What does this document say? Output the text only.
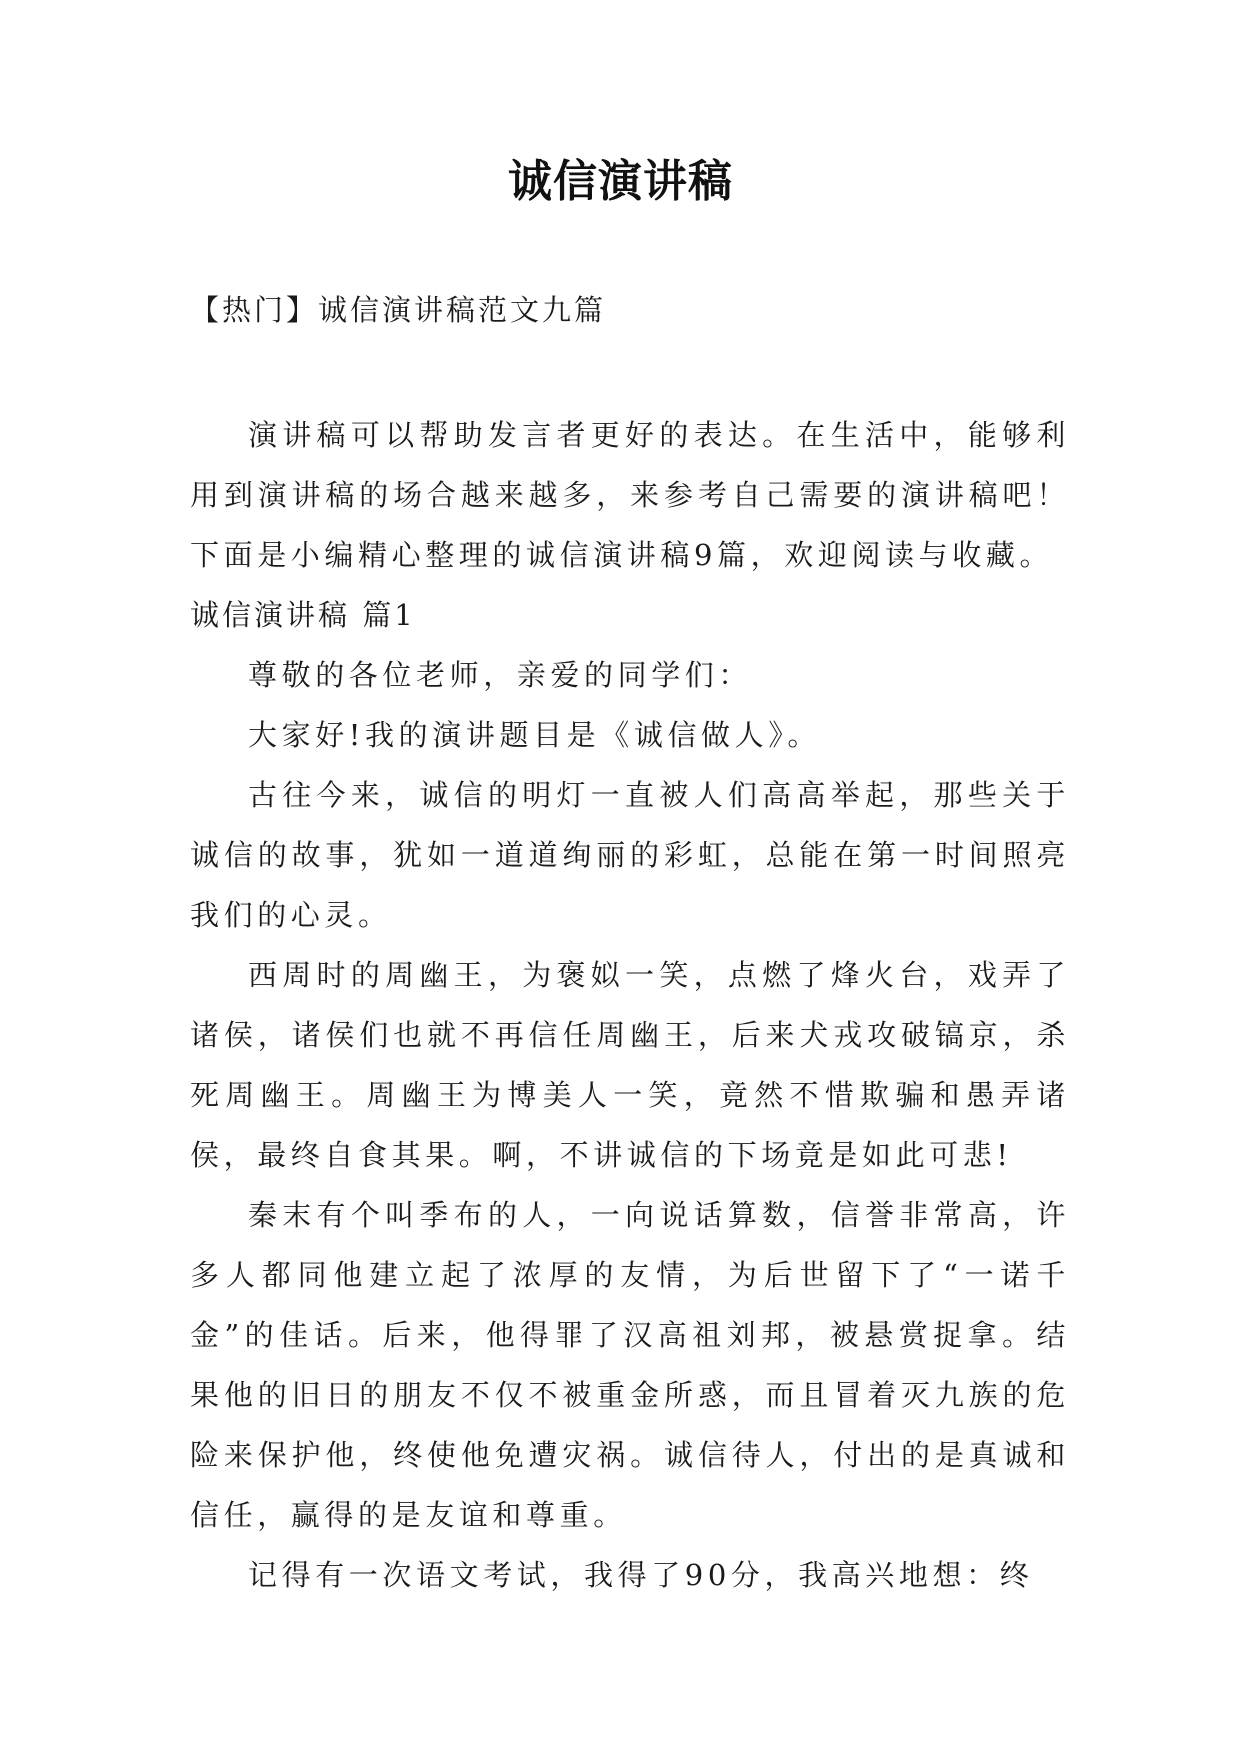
诚信演讲稿
【热门】诚信演讲稿范文九篇

演讲稿可以帮助发言者更好的表达。在生活中，能够利用到演讲稿的场合越来越多，来参考自己需要的演讲稿吧！下面是小编精心整理的诚信演讲稿9篇，欢迎阅读与收藏。

诚信演讲稿 篇1

尊敬的各位老师，亲爱的同学们：

大家好!我的演讲题目是《诚信做人》。

古往今来，诚信的明灯一直被人们高高举起，那些关于诚信的故事，犹如一道道绚丽的彩虹，总能在第一时间照亮我们的心灵。

西周时的周幽王，为褒姒一笑，点燃了烽火台，戏弄了诸侯，诸侯们也就不再信任周幽王，后来犬戎攻破镐京，杀死周幽王。周幽王为博美人一笑，竟然不惜欺骗和愚弄诸侯，最终自食其果。啊，不讲诚信的下场竟是如此可悲!

秦末有个叫季布的人，一向说话算数，信誉非常高，许多人都同他建立起了浓厚的友情，为后世留下了“一诺千金”的佳话。后来，他得罪了汉高祖刘邦，被悬赏捉拿。结果他的旧日的朋友不仅不被重金所惑，而且冒着灭九族的危险来保护他，终使他免遭灾祸。诚信待人，付出的是真诚和信任，赢得的是友谊和尊重。

记得有一次语文考试，我得了90分，我高兴地想：终
